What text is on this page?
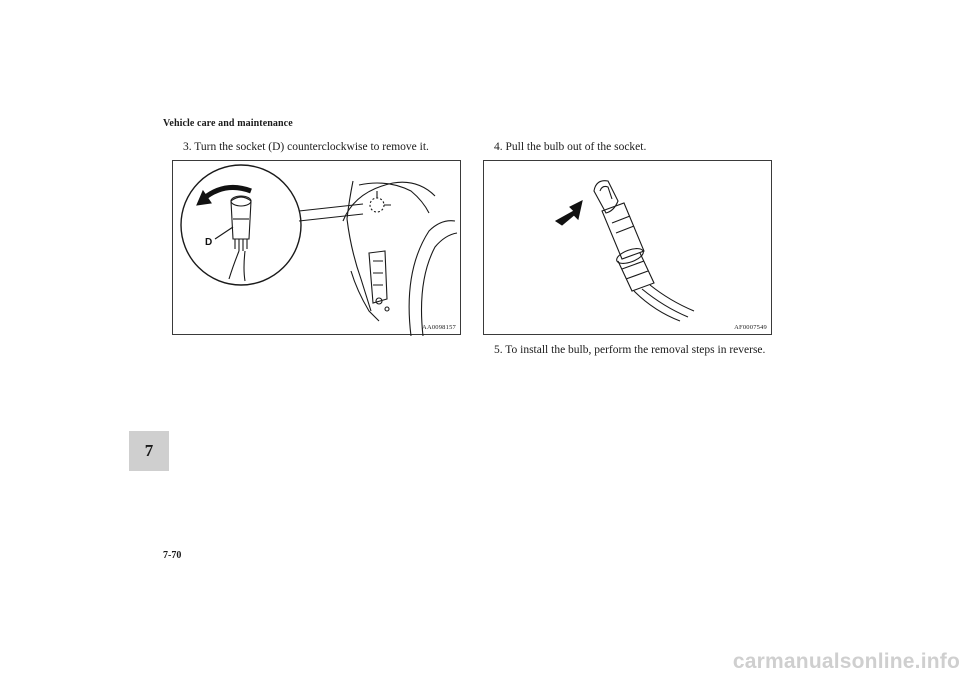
Vehicle care and maintenance
3. Turn the socket (D) counterclockwise to remove it.	4. Pull the bulb out of the socket.
D
AA0098157	AF0007549
5. To install the bulb, perform the removal steps in reverse.
7
7-70
carmanualsonline.info
